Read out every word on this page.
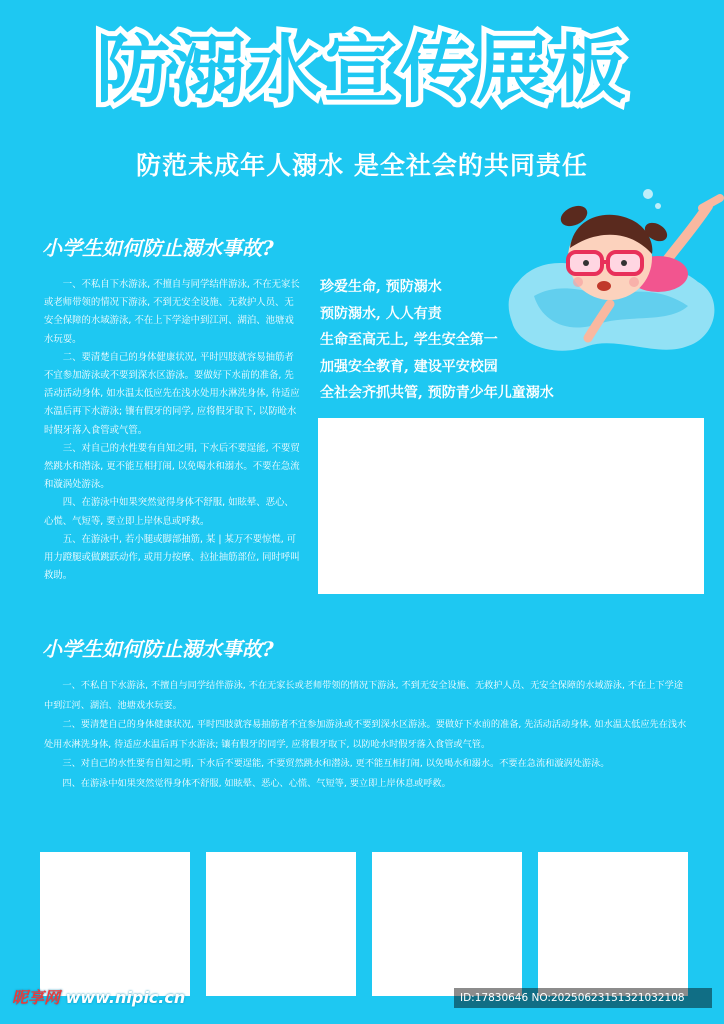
防溺水宣传展板
防范未成年人溺水 是全社会的共同责任
小学生如何防止溺水事故?

一、不私自下水游泳, 不擅自与同学结伴游泳, 不在无家长或老师带领的情况下游泳, 不到无安全设施、无救护人员、无安全保障的水域游泳, 不在上下学途中到江河、湖泊、池塘戏水玩耍。

二、要清楚自己的身体健康状况, 平时四肢就容易抽筋者不宜参加游泳或不要到深水区游泳。要做好下水前的准备, 先活动活动身体, 如水温太低应先在浅水处用水淋洗身体, 待适应水温后再下水游泳; 镶有假牙的同学, 应将假牙取下, 以防呛水时假牙落入食管或气管。

三、对自己的水性要有自知之明, 下水后不要逞能, 不要贸然跳水和潜泳, 更不能互相打闹, 以免喝水和溺水。不要在急流和漩涡处游泳。

四、在游泳中如果突然觉得身体不舒服, 如眩晕、恶心、心慌、气短等, 要立即上岸休息或呼救。

五、在游泳中, 若小腿或脚部抽筋, 某 | 某万不要惊慌, 可用力蹬腿或做跳跃动作, 或用力按摩、拉扯抽筋部位, 同时呼叫救助。

珍爱生命, 预防溺水
预防溺水, 人人有责
生命至高无上, 学生安全第一
加强安全教育, 建设平安校园
全社会齐抓共管, 预防青少年儿童溺水
小学生如何防止溺水事故?

一、不私自下水游泳, 不擅自与同学结伴游泳, 不在无家长或老师带领的情况下游泳, 不到无安全设施、无救护人员、无安全保障的水域游泳, 不在上下学途中到江河、湖泊、池塘戏水玩耍。

二、要清楚自己的身体健康状况, 平时四肢就容易抽筋者不宜参加游泳或不要到深水区游泳。要做好下水前的准备, 先活动活动身体, 如水温太低应先在浅水处用水淋洗身体, 待适应水温后再下水游泳; 镶有假牙的同学, 应将假牙取下, 以防呛水时假牙落入食管或气管。

三、对自己的水性要有自知之明, 下水后不要逞能, 不要贸然跳水和潜泳, 更不能互相打闹, 以免喝水和溺水。不要在急流和漩涡处游泳。

四、在游泳中如果突然觉得身体不舒服, 如眩晕、恶心、心慌、气短等, 要立即上岸休息或呼救。

昵享网 www.nipic.cn	ID:17830646 NO:20250623151321032108
